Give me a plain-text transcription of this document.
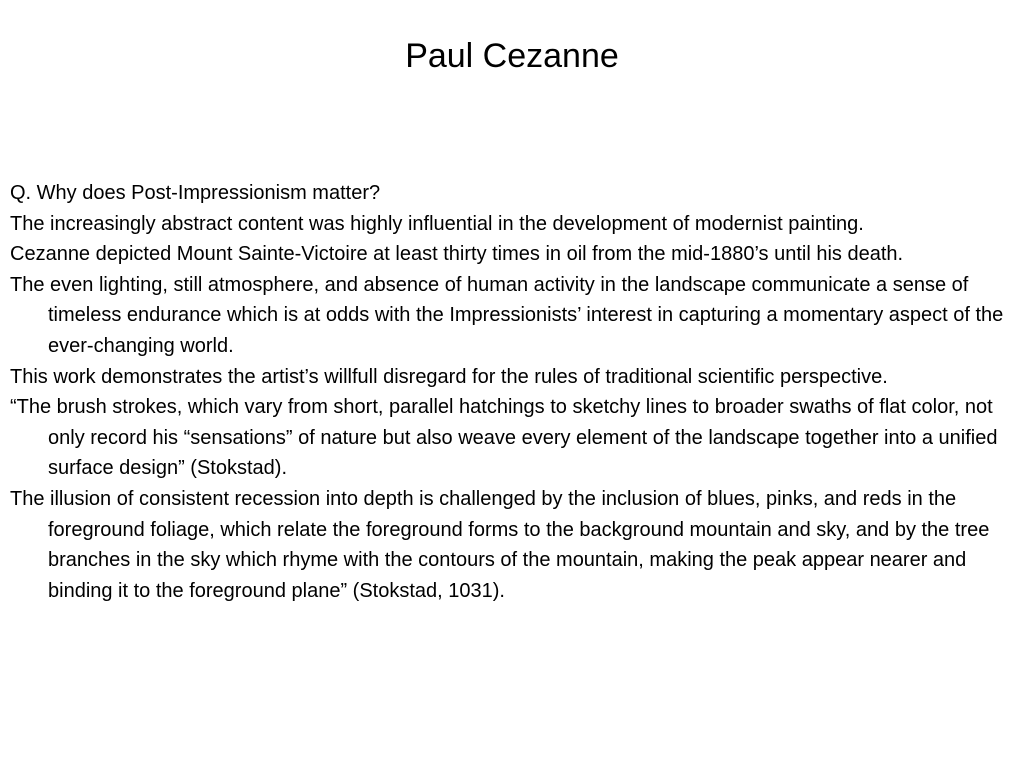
Paul Cezanne
Q. Why does Post-Impressionism matter?
The increasingly abstract content was highly influential in the development of modernist painting.
Cezanne depicted Mount Sainte-Victoire at least thirty times in oil from the mid-1880’s until his death.
The even lighting, still atmosphere, and absence of human activity in the landscape communicate a sense of timeless endurance which is at odds with the Impressionists’ interest in capturing a momentary aspect of the ever-changing world.
This work demonstrates the artist’s willfull disregard for the rules of traditional scientific perspective.
“The brush strokes, which vary from short, parallel hatchings to sketchy lines to broader swaths of flat color, not only record his “sensations” of nature but also weave every element of the landscape together into a unified surface design” (Stokstad).
The illusion of consistent recession into depth is challenged by the inclusion of blues, pinks, and reds in the foreground foliage, which relate the foreground forms to the background mountain and sky, and by the tree branches in the sky which rhyme with the contours of the mountain, making the peak appear nearer and binding it to the foreground plane” (Stokstad, 1031).
